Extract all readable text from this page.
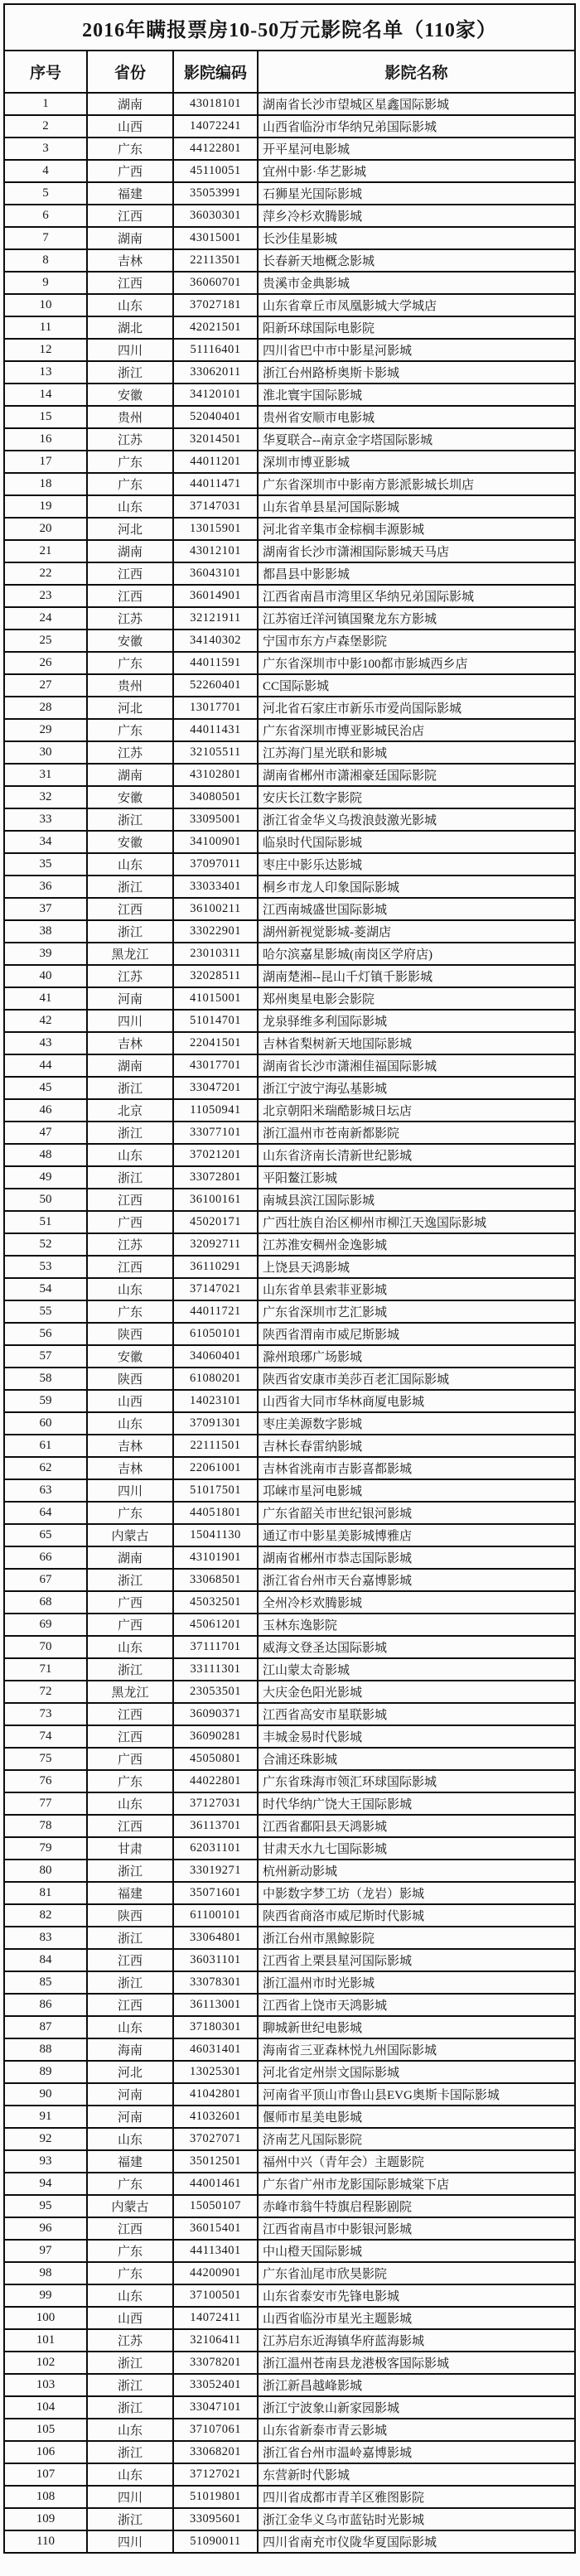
2016年瞒报票房10-50万元影院名单（110家）			
序号	省份	影院编码	影院名称
1	湖南	43018101	湖南省长沙市望城区星鑫国际影城
2	山西	14072241	山西省临汾市华纳兄弟国际影城
3	广东	44122801	开平星河电影城
4	广西	45110051	宜州中影·华艺影城
5	福建	35053991	石狮星光国际影城
6	江西	36030301	萍乡冷杉欢腾影城
7	湖南	43015001	长沙佳星影城
8	吉林	22113501	长春新天地概念影城
9	江西	36060701	贵溪市金典影城
10	山东	37027181	山东省章丘市凤凰影城大学城店
11	湖北	42021501	阳新环球国际电影院
12	四川	51116401	四川省巴中市中影星河影城
13	浙江	33062011	浙江台州路桥奥斯卡影城
14	安徽	34120101	淮北寰宇国际影城
15	贵州	52040401	贵州省安顺市电影城
16	江苏	32014501	华夏联合--南京金字塔国际影城
17	广东	44011201	深圳市博亚影城
18	广东	44011471	广东省深圳市中影南方影派影城长圳店
19	山东	37147031	山东省单县星河国际影城
20	河北	13015901	河北省辛集市金棕榈丰源影城
21	湖南	43012101	湖南省长沙市潇湘国际影城天马店
22	江西	36043101	都昌县中影影城
23	江西	36014901	江西省南昌市湾里区华纳兄弟国际影城
24	江苏	32121911	江苏宿迁洋河镇国聚龙东方影城
25	安徽	34140302	宁国市东方卢森堡影院
26	广东	44011591	广东省深圳市中影100都市影城西乡店
27	贵州	52260401	CC国际影城
28	河北	13017701	河北省石家庄市新乐市爱尚国际影城
29	广东	44011431	广东省深圳市博亚影城民治店
30	江苏	32105511	江苏海门星光联和影城
31	湖南	43102801	湖南省郴州市潇湘豪廷国际影院
32	安徽	34080501	安庆长江数字影院
33	浙江	33095001	浙江省金华义乌拨浪鼓激光影城
34	安徽	34100901	临泉时代国际影城
35	山东	37097011	枣庄中影乐达影城
36	浙江	33033401	桐乡市龙人印象国际影城
37	江西	36100211	江西南城盛世国际影城
38	浙江	33022901	湖州新视觉影城-菱湖店
39	黑龙江	23010311	哈尔滨嘉星影城(南岗区学府店)
40	江苏	32028511	湖南楚湘--昆山千灯镇千影影城
41	河南	41015001	郑州奥星电影会影院
42	四川	51014701	龙泉驿维多利国际影城
43	吉林	22041501	吉林省梨树新天地国际影城
44	湖南	43017701	湖南省长沙市潇湘佳福国际影城
45	浙江	33047201	浙江宁波宁海弘基影城
46	北京	11050941	北京朝阳米瑞酷影城日坛店
47	浙江	33077101	浙江温州市苍南新都影院
48	山东	37021201	山东省济南长清新世纪影城
49	浙江	33072801	平阳鳌江影城
50	江西	36100161	南城县滨江国际影城
51	广西	45020171	广西壮族自治区柳州市柳江天逸国际影城
52	江苏	32092711	江苏淮安稠州金逸影城
53	江西	36110291	上饶县天鸿影城
54	山东	37147021	山东省单县索菲亚影城
55	广东	44011721	广东省深圳市艺汇影城
56	陕西	61050101	陕西省渭南市威尼斯影城
57	安徽	34060401	滁州琅琊广场影城
58	陕西	61080201	陕西省安康市美莎百老汇国际影城
59	山西	14023101	山西省大同市华林商厦电影城
60	山东	37091301	枣庄美源数字影城
61	吉林	22111501	吉林长春雷纳影城
62	吉林	22061001	吉林省洮南市吉影喜都影城
63	四川	51017501	邛崃市星河电影城
64	广东	44051801	广东省韶关市世纪银河影城
65	内蒙古	15041130	通辽市中影星美影城博雅店
66	湖南	43101901	湖南省郴州市恭志国际影城
67	浙江	33068501	浙江省台州市天台嘉博影城
68	广西	45032501	全州冷杉欢腾影城
69	广西	45061201	玉林东逸影院
70	山东	37111701	威海文登圣达国际影城
71	浙江	33111301	江山蒙太奇影城
72	黑龙江	23053501	大庆金色阳光影城
73	江西	36090371	江西省高安市星联影城
74	江西	36090281	丰城金易时代影城
75	广西	45050801	合浦还珠影城
76	广东	44022801	广东省珠海市领汇环球国际影城
77	山东	37127031	时代华纳广饶大王国际影城
78	江西	36113701	江西省鄱阳县天鸿影城
79	甘肃	62031101	甘肃天水九七国际影城
80	浙江	33019271	杭州新动影城
81	福建	35071601	中影数字梦工坊（龙岩）影城
82	陕西	61100101	陕西省商洛市威尼斯时代影城
83	浙江	33064801	浙江台州市黑鲸影院
84	江西	36031101	江西省上栗县星河国际影城
85	浙江	33078301	浙江温州市时光影城
86	江西	36113001	江西省上饶市天鸿影城
87	山东	37180301	聊城新世纪电影城
88	海南	46031401	海南省三亚森林悦九州国际影城
89	河北	13025301	河北省定州崇文国际影城
90	河南	41042801	河南省平顶山市鲁山县EVG奥斯卡国际影城
91	河南	41032601	偃师市星美电影城
92	山东	37027071	济南艺凡国际影院
93	福建	35012501	福州中兴（青年会）主题影院
94	广东	44001461	广东省广州市龙影国际影城棠下店
95	内蒙古	15050107	赤峰市翁牛特旗启程影剧院
96	江西	36015401	江西省南昌市中影银河影城
97	广东	44113401	中山橙天国际影城
98	广东	44200901	广东省汕尾市欣昊影院
99	山东	37100501	山东省泰安市先锋电影城
100	山西	14072411	山西省临汾市星光主题影城
101	江苏	32106411	江苏启东近海镇华府蓝海影城
102	浙江	33078201	浙江温州苍南县龙港极客国际影城
103	浙江	33052401	浙江新昌越峰影城
104	浙江	33047101	浙江宁波象山新家园影城
105	山东	37107061	山东省新泰市青云影城
106	浙江	33068201	浙江省台州市温岭嘉博影城
107	山东	37127021	东营新时代影城
108	四川	51019801	四川省成都市青羊区雅图影院
109	浙江	33095601	浙江金华义乌市蓝钻时光影城
110	四川	51090011	四川省南充市仪陇华夏国际影城
